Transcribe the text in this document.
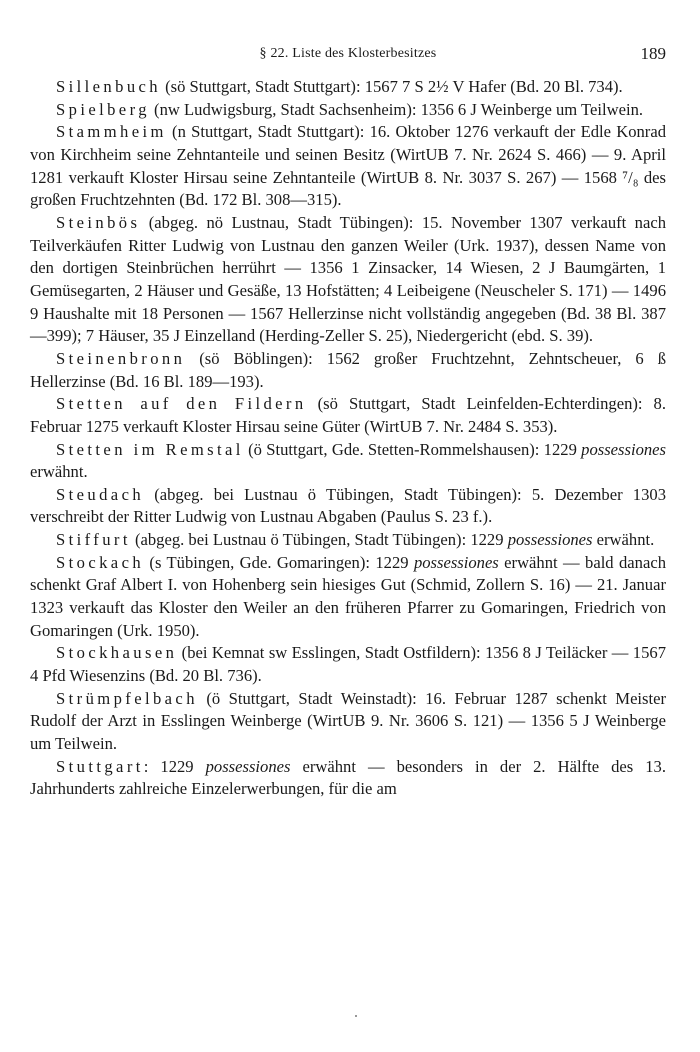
§ 22. Liste des Klosterbesitzes	189

Sillenbuch (sö Stuttgart, Stadt Stuttgart): 1567 7 S 2½ V Hafer (Bd. 20 Bl. 734).

Spielberg (nw Ludwigsburg, Stadt Sachsenheim): 1356 6 J Weinberge um Teilwein.

Stammheim (n Stuttgart, Stadt Stuttgart): 16. Oktober 1276 verkauft der Edle Konrad von Kirchheim seine Zehntanteile und seinen Besitz (WirtUB 7. Nr. 2624 S. 466) — 9. April 1281 verkauft Kloster Hirsau seine Zehntanteile (WirtUB 8. Nr. 3037 S. 267) — 1568 ⁷/₈ des großen Fruchtzehnten (Bd. 172 Bl. 308—315).

Steinbös (abgeg. nö Lustnau, Stadt Tübingen): 15. November 1307 verkauft nach Teilverkäufen Ritter Ludwig von Lustnau den ganzen Weiler (Urk. 1937), dessen Name von den dortigen Steinbrüchen herrührt — 1356 1 Zinsacker, 14 Wiesen, 2 J Baumgärten, 1 Gemüsegarten, 2 Häuser und Gesäße, 13 Hofstätten; 4 Leibeigene (Neuscheler S. 171) — 1496 9 Haushalte mit 18 Personen — 1567 Hellerzinse nicht vollständig angegeben (Bd. 38 Bl. 387—399); 7 Häuser, 35 J Einzelland (Herding-Zeller S. 25), Niedergericht (ebd. S. 39).

Steinenbronn (sö Böblingen): 1562 großer Fruchtzehnt, Zehntscheuer, 6 ß Hellerzinse (Bd. 16 Bl. 189—193).

Stetten auf den Fildern (sö Stuttgart, Stadt Leinfelden-Echterdingen): 8. Februar 1275 verkauft Kloster Hirsau seine Güter (WirtUB 7. Nr. 2484 S. 353).

Stetten im Remstal (ö Stuttgart, Gde. Stetten-Rommelshausen): 1229 possessiones erwähnt.

Steudach (abgeg. bei Lustnau ö Tübingen, Stadt Tübingen): 5. Dezember 1303 verschreibt der Ritter Ludwig von Lustnau Abgaben (Paulus S. 23 f.).

Stiffurt (abgeg. bei Lustnau ö Tübingen, Stadt Tübingen): 1229 possessiones erwähnt.

Stockach (s Tübingen, Gde. Gomaringen): 1229 possessiones erwähnt — bald danach schenkt Graf Albert I. von Hohenberg sein hiesiges Gut (Schmid, Zollern S. 16) — 21. Januar 1323 verkauft das Kloster den Weiler an den früheren Pfarrer zu Gomaringen, Friedrich von Gomaringen (Urk. 1950).

Stockhausen (bei Kemnat sw Esslingen, Stadt Ostfildern): 1356 8 J Teiläcker — 1567 4 Pfd Wiesenzins (Bd. 20 Bl. 736).

Strümpfelbach (ö Stuttgart, Stadt Weinstadt): 16. Februar 1287 schenkt Meister Rudolf der Arzt in Esslingen Weinberge (WirtUB 9. Nr. 3606 S. 121) — 1356 5 J Weinberge um Teilwein.

Stuttgart: 1229 possessiones erwähnt — besonders in der 2. Hälfte des 13. Jahrhunderts zahlreiche Einzelerwerbungen, für die am
